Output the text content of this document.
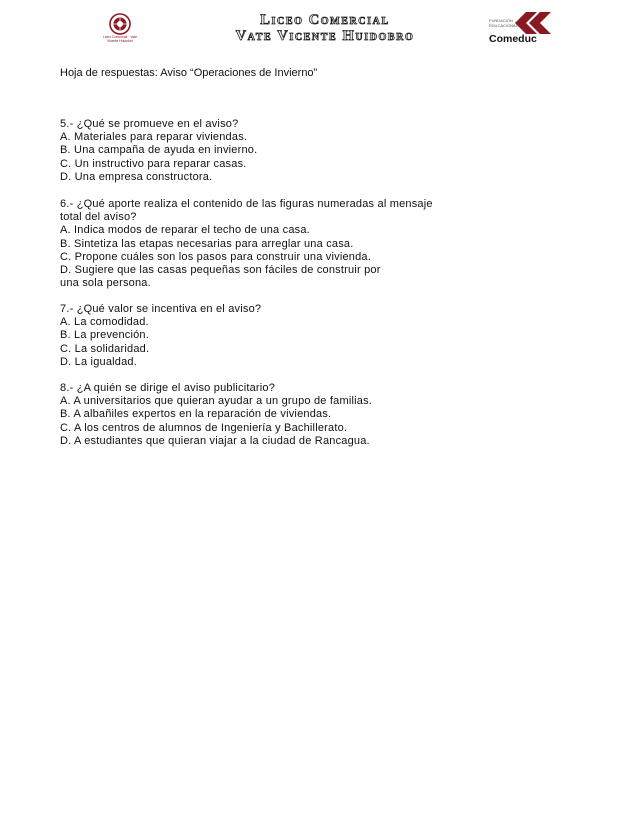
Liceo Comercial · Vate
Vicente Huidobro
Liceo Comercial
Vate Vicente Huidobro
FUNDACIÓN
EDUCACIONAL
Comeduc
Hoja de respuestas: Aviso “Operaciones de Invierno”
5.- ¿Qué se promueve en el aviso?
A. Materiales para reparar viviendas.
B. Una campaña de ayuda en invierno.
C. Un instructivo para reparar casas.
D. Una empresa constructora.
6.- ¿Qué aporte realiza el contenido de las figuras numeradas al mensaje
total del aviso?
A. Indica modos de reparar el techo de una casa.
B. Sintetiza las etapas necesarias para arreglar una casa.
C. Propone cuáles son los pasos para construir una vivienda.
D. Sugiere que las casas pequeñas son fáciles de construir por
una sola persona.
7.- ¿Qué valor se incentiva en el aviso?
A. La comodidad.
B. La prevención.
C. La solidaridad.
D. La igualdad.
8.- ¿A quién se dirige el aviso publicitario?
A. A universitarios que quieran ayudar a un grupo de familias.
B. A albañiles expertos en la reparación de viviendas.
C. A los centros de alumnos de Ingeniería y Bachillerato.
D. A estudiantes que quieran viajar a la ciudad de Rancagua.
